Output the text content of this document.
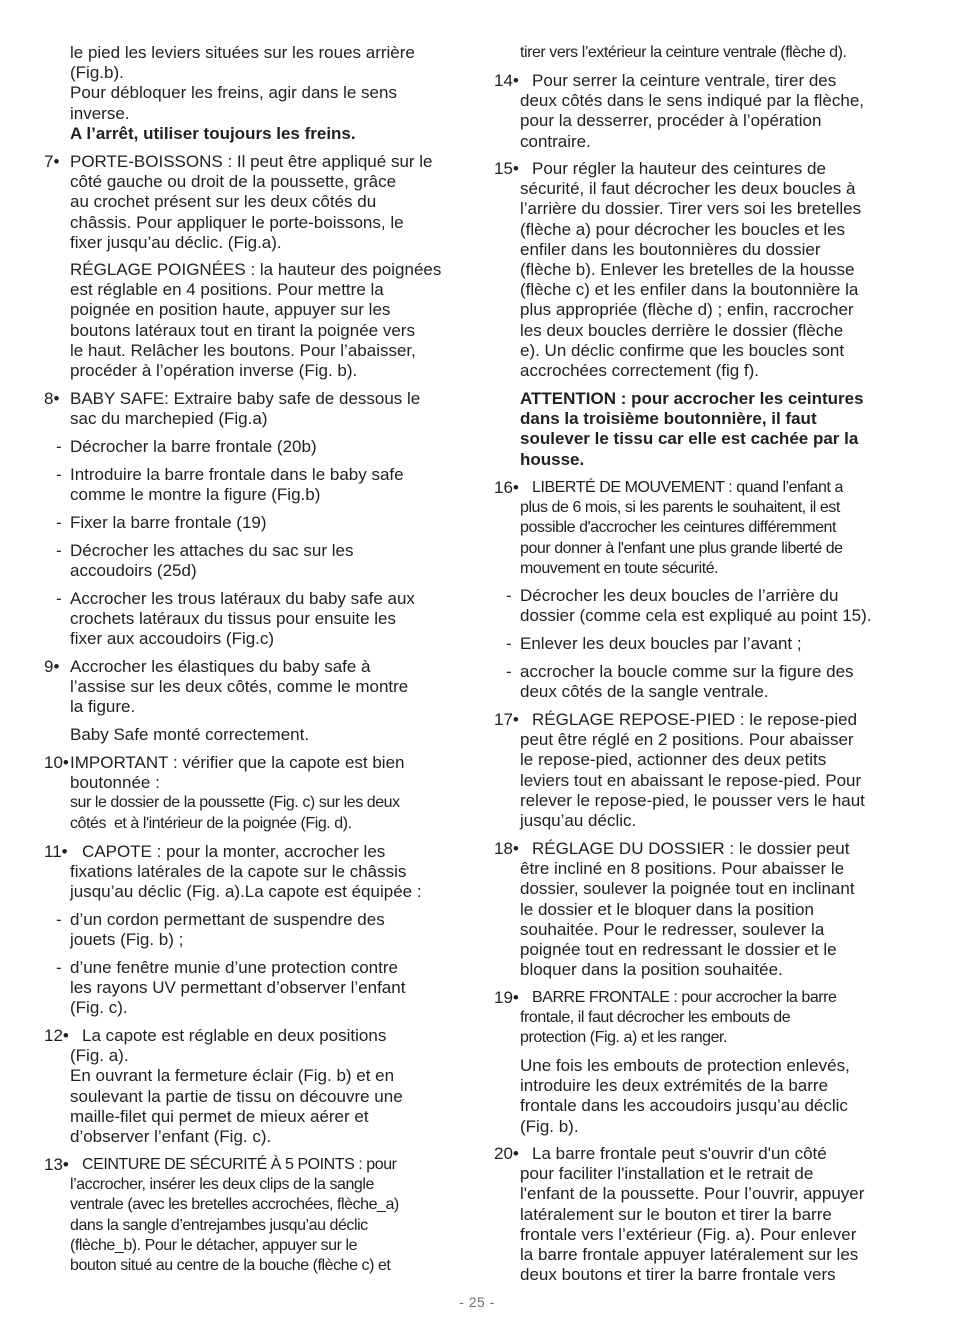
le pied les leviers situées sur les roues arrière
(Fig.b).
Pour débloquer les freins, agir dans le sens
inverse.
A l’arrêt, utiliser toujours les freins.
7• PORTE-BOISSONS : Il peut être appliqué sur le
côté gauche ou droit de la poussette, grâce
au crochet présent sur les deux côtés du
châssis. Pour appliquer le porte-boissons, le
fixer jusqu’au déclic. (Fig.a).
RÉGLAGE POIGNÉES : la hauteur des poignées
est réglable en 4 positions. Pour mettre la
poignée en position haute, appuyer sur les
boutons latéraux tout en tirant la poignée vers
le haut. Relâcher les boutons. Pour l’abaisser,
procéder à l’opération inverse (Fig. b).
8• BABY SAFE: Extraire baby safe de dessous le
sac du marchepied (Fig.a)
- Décrocher la barre frontale (20b)
- Introduire la barre frontale dans le baby safe
comme le montre la figure (Fig.b)
- Fixer la barre frontale (19)
- Décrocher les attaches du sac sur les
accoudoirs (25d)
- Accrocher les trous latéraux du baby safe aux
crochets latéraux du tissus pour ensuite les
fixer aux accoudoirs (Fig.c)
9• Accrocher les élastiques du baby safe à
l’assise sur les deux côtés, comme le montre
la figure.
Baby Safe monté correctement.
10• IMPORTANT : vérifier que la capote est bien
boutonnée :
sur le dossier de la poussette (Fig. c) sur les deux
côtés  et à l'intérieur de la poignée (Fig. d).
11• CAPOTE : pour la monter, accrocher les
fixations latérales de la capote sur le châssis
jusqu’au déclic (Fig. a).La capote est équipée :
- d’un cordon permettant de suspendre des
jouets (Fig. b) ;
- d’une fenêtre munie d’une protection contre
les rayons UV permettant d’observer l’enfant
(Fig. c).
12• La capote est réglable en deux positions
(Fig. a).
En ouvrant la fermeture éclair (Fig. b) et en
soulevant la partie de tissu on découvre une
maille-filet qui permet de mieux aérer et
d’observer l’enfant (Fig. c).
13• CEINTURE DE SÉCURITÉ À 5 POINTS : pour
l’accrocher, insérer les deux clips de la sangle
ventrale (avec les bretelles accrochées, flèche_a)
dans la sangle d’entrejambes jusqu’au déclic
(flèche_b). Pour le détacher, appuyer sur le
bouton situé au centre de la bouche (flèche c) et
tirer vers l’extérieur la ceinture ventrale (flèche d).
14• Pour serrer la ceinture ventrale, tirer des
deux côtés dans le sens indiqué par la flèche,
pour la desserrer, procéder à l’opération
contraire.
15• Pour régler la hauteur des ceintures de
sécurité, il faut décrocher les deux boucles à
l’arrière du dossier. Tirer vers soi les bretelles
(flèche a) pour décrocher les boucles et les
enfiler dans les boutonnières du dossier
(flèche b). Enlever les bretelles de la housse
(flèche c) et les enfiler dans la boutonnière la
plus appropriée (flèche d) ; enfin, raccrocher
les deux boucles derrière le dossier (flèche
e). Un déclic confirme que les boucles sont
accrochées correctement (fig f).
ATTENTION : pour accrocher les ceintures
dans la troisième boutonnière, il faut
soulever le tissu car elle est cachée par la
housse.
16• LIBERTÉ DE MOUVEMENT : quand l’enfant a
plus de 6 mois, si les parents le souhaitent, il est
possible d'accrocher les ceintures différemment
pour donner à l'enfant une plus grande liberté de
mouvement en toute sécurité.
- Décrocher les deux boucles de l’arrière du
dossier (comme cela est expliqué au point 15).
- Enlever les deux boucles par l’avant ;
- accrocher la boucle comme sur la figure des
deux côtés de la sangle ventrale.
17• RÉGLAGE REPOSE-PIED : le repose-pied
peut être réglé en 2 positions. Pour abaisser
le repose-pied, actionner des deux petits
leviers tout en abaissant le repose-pied. Pour
relever le repose-pied, le pousser vers le haut
jusqu’au déclic.
18• RÉGLAGE DU DOSSIER : le dossier peut
être incliné en 8 positions. Pour abaisser le
dossier, soulever la poignée tout en inclinant
le dossier et le bloquer dans la position
souhaitée. Pour le redresser, soulever la
poignée tout en redressant le dossier et le
bloquer dans la position souhaitée.
19• BARRE FRONTALE : pour accrocher la barre
frontale, il faut décrocher les embouts de
protection (Fig. a) et les ranger.
Une fois les embouts de protection enlevés,
introduire les deux extrémités de la barre
frontale dans les accoudoirs jusqu’au déclic
(Fig. b).
20• La barre frontale peut s'ouvrir d'un côté
pour faciliter l'installation et le retrait de
l'enfant de la poussette. Pour l’ouvrir, appuyer
latéralement sur le bouton et tirer la barre
frontale vers l’extérieur (Fig. a). Pour enlever
la barre frontale appuyer latéralement sur les
deux boutons et tirer la barre frontale vers
- 25 -
